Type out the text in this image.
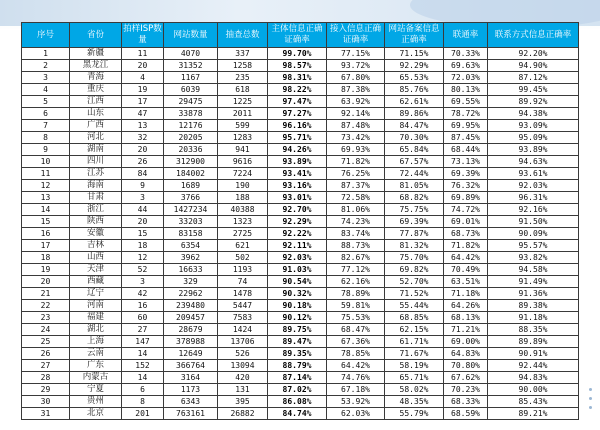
序号	省份	拍样ISP数量	网站数量	抽查总数	主体信息正确证确率	接入信息正确证确率	网站备案信息正确率	联通率	联系方式信息正确率
1	新疆	11	4070	337	99.70%	77.15%	71.15%	70.33%	92.20%
2	黑龙江	20	31352	1258	98.57%	93.72%	92.29%	69.63%	94.90%
3	青海	4	1167	235	98.31%	67.80%	65.53%	72.03%	87.12%
4	重庆	19	6039	618	98.22%	87.38%	85.76%	80.13%	99.45%
5	江西	17	29475	1225	97.47%	63.92%	62.61%	69.55%	89.92%
6	山东	47	33878	2011	97.27%	92.14%	89.86%	78.72%	94.38%
7	广西	13	12176	599	96.16%	87.48%	84.47%	69.95%	93.09%
8	河北	32	20205	1283	95.71%	73.42%	70.30%	87.45%	95.09%
9	湖南	20	20336	941	94.26%	69.93%	65.84%	68.44%	93.89%
10	四川	26	312900	9616	93.89%	71.82%	67.57%	73.13%	94.63%
11	江苏	84	184002	7224	93.41%	76.25%	72.44%	69.39%	93.61%
12	海南	9	1689	190	93.16%	87.37%	81.05%	76.32%	92.03%
13	甘肃	3	3766	188	93.01%	72.58%	68.82%	69.89%	96.31%
14	浙江	44	1427234	40388	92.70%	81.06%	75.75%	74.72%	92.16%
15	陕西	20	33203	1323	92.29%	74.23%	69.39%	69.01%	91.50%
16	安徽	15	83158	2725	92.22%	83.74%	77.87%	68.73%	90.09%
17	吉林	18	6354	621	92.11%	88.73%	81.32%	71.82%	95.57%
18	山西	12	3962	502	92.03%	82.67%	75.70%	64.42%	93.82%
19	天津	52	16633	1193	91.03%	77.12%	69.82%	70.49%	94.58%
20	西藏	3	329	74	90.54%	62.16%	52.70%	63.51%	91.49%
21	辽宁	42	22962	1478	90.32%	78.89%	71.52%	71.18%	91.36%
22	河南	16	239480	5447	90.18%	59.81%	55.44%	64.26%	89.38%
23	福建	60	209457	7583	90.12%	75.53%	68.85%	68.13%	91.18%
24	湖北	27	28679	1424	89.75%	68.47%	62.15%	71.21%	88.35%
25	上海	147	378988	13706	89.47%	67.36%	61.71%	69.00%	89.89%
26	云南	14	12649	526	89.35%	78.85%	71.67%	64.83%	90.91%
27	广东	152	366764	13094	88.79%	64.42%	58.19%	70.80%	92.44%
28	内蒙古	14	3164	420	87.14%	74.76%	65.71%	67.62%	94.83%
29	宁夏	6	1173	131	87.02%	67.18%	58.02%	70.23%	90.00%
30	贵州	8	6343	395	86.08%	53.92%	48.35%	68.33%	85.43%
31	北京	201	763161	26882	84.74%	62.03%	55.79%	68.59%	89.21%
